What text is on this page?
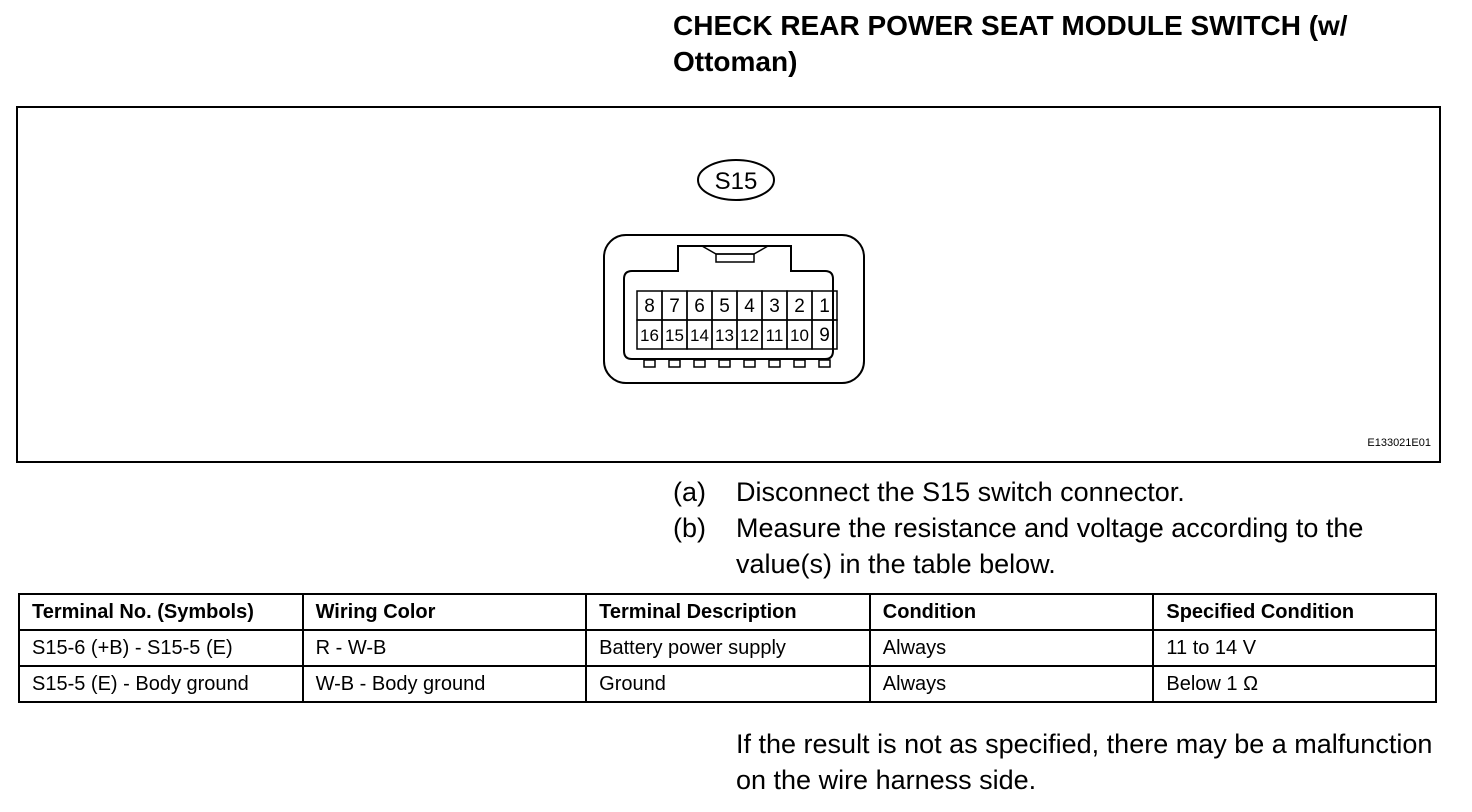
CHECK REAR POWER SEAT MODULE SWITCH (w/ Ottoman)
S15
8 7 6 5 4 3 2 1
16 15 14 13 12 11 10 9
E133021E01
(a)	Disconnect the S15 switch connector.
(b)	Measure the resistance and voltage according to the value(s) in the table below.
Terminal No. (Symbols)	Wiring Color	Terminal Description	Condition	Specified Condition
S15-6 (+B) - S15-5 (E)	R - W-B	Battery power supply	Always	11 to 14 V
S15-5 (E) - Body ground	W-B - Body ground	Ground	Always	Below 1 Ω
If the result is not as specified, there may be a malfunction on the wire harness side.
